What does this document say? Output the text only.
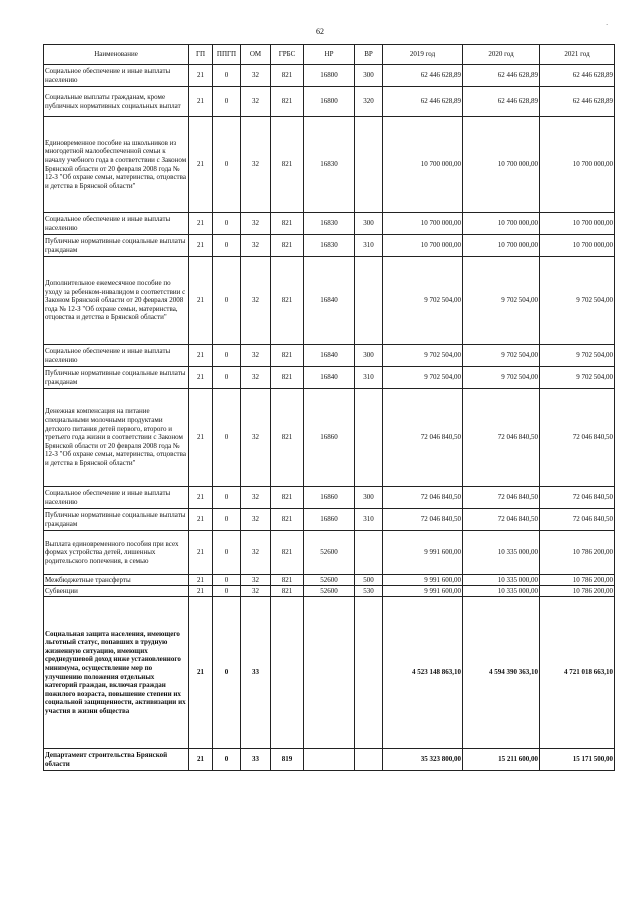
62	`
Наименование	ГП	ППГП	ОМ	ГРБС	НР	ВР	2019 год	2020 год	2021 год
Социальное обеспечение и иные выплаты населению	21	0	32	821	16800	300	62 446 628,89	62 446 628,89	62 446 628,89
Социальные выплаты гражданам, кроме публичных нормативных социальных выплат	21	0	32	821	16800	320	62 446 628,89	62 446 628,89	62 446 628,89
Единовременное пособие на школьников из многодетной малообеспеченной семьи к началу учебного года в соответствии с Законом Брянской области от 20 февраля 2008 года № 12-З "Об охране семьи, материнства, отцовства и детства в Брянской области"	21	0	32	821	16830		10 700 000,00	10 700 000,00	10 700 000,00
Социальное обеспечение и иные выплаты населению	21	0	32	821	16830	300	10 700 000,00	10 700 000,00	10 700 000,00
Публичные нормативные социальные выплаты гражданам	21	0	32	821	16830	310	10 700 000,00	10 700 000,00	10 700 000,00
Дополнительное ежемесячное пособие по уходу за ребенком-инвалидом в соответствии с Законом Брянской области от 20 февраля 2008 года № 12-З "Об охране семьи, материнства, отцовства и детства в Брянской области"	21	0	32	821	16840		9 702 504,00	9 702 504,00	9 702 504,00
Социальное обеспечение и иные выплаты населению	21	0	32	821	16840	300	9 702 504,00	9 702 504,00	9 702 504,00
Публичные нормативные социальные выплаты гражданам	21	0	32	821	16840	310	9 702 504,00	9 702 504,00	9 702 504,00
Денежная компенсация на питание специальными молочными продуктами детского питания детей первого, второго и третьего года жизни в соответствии с Законом Брянской области от 20 февраля 2008 года № 12-З "Об охране семьи, материнства, отцовства и детства в Брянской области"	21	0	32	821	16860		72 046 840,50	72 046 840,50	72 046 840,50
Социальное обеспечение и иные выплаты населению	21	0	32	821	16860	300	72 046 840,50	72 046 840,50	72 046 840,50
Публичные нормативные социальные выплаты гражданам	21	0	32	821	16860	310	72 046 840,50	72 046 840,50	72 046 840,50
Выплата единовременного пособия при всех формах устройства детей, лишенных родительского попечения, в семью	21	0	32	821	52600		9 991 600,00	10 335 000,00	10 786 200,00
Межбюджетные трансферты	21	0	32	821	52600	500	9 991 600,00	10 335 000,00	10 786 200,00
Субвенции	21	0	32	821	52600	530	9 991 600,00	10 335 000,00	10 786 200,00
Социальная защита населения, имеющего льготный статус, попавших в трудную жизненную ситуацию, имеющих среднедушевой доход ниже установленного минимума, осуществление мер по улучшению положения отдельных категорий граждан, включая граждан пожилого возраста, повышение степени их социальной защищенности, активизации их участия в жизни общества	21	0	33				4 523 148 863,10	4 594 390 363,10	4 721 018 663,10
Департамент строительства Брянской области	21	0	33	819			35 323 800,00	15 211 600,00	15 171 500,00
